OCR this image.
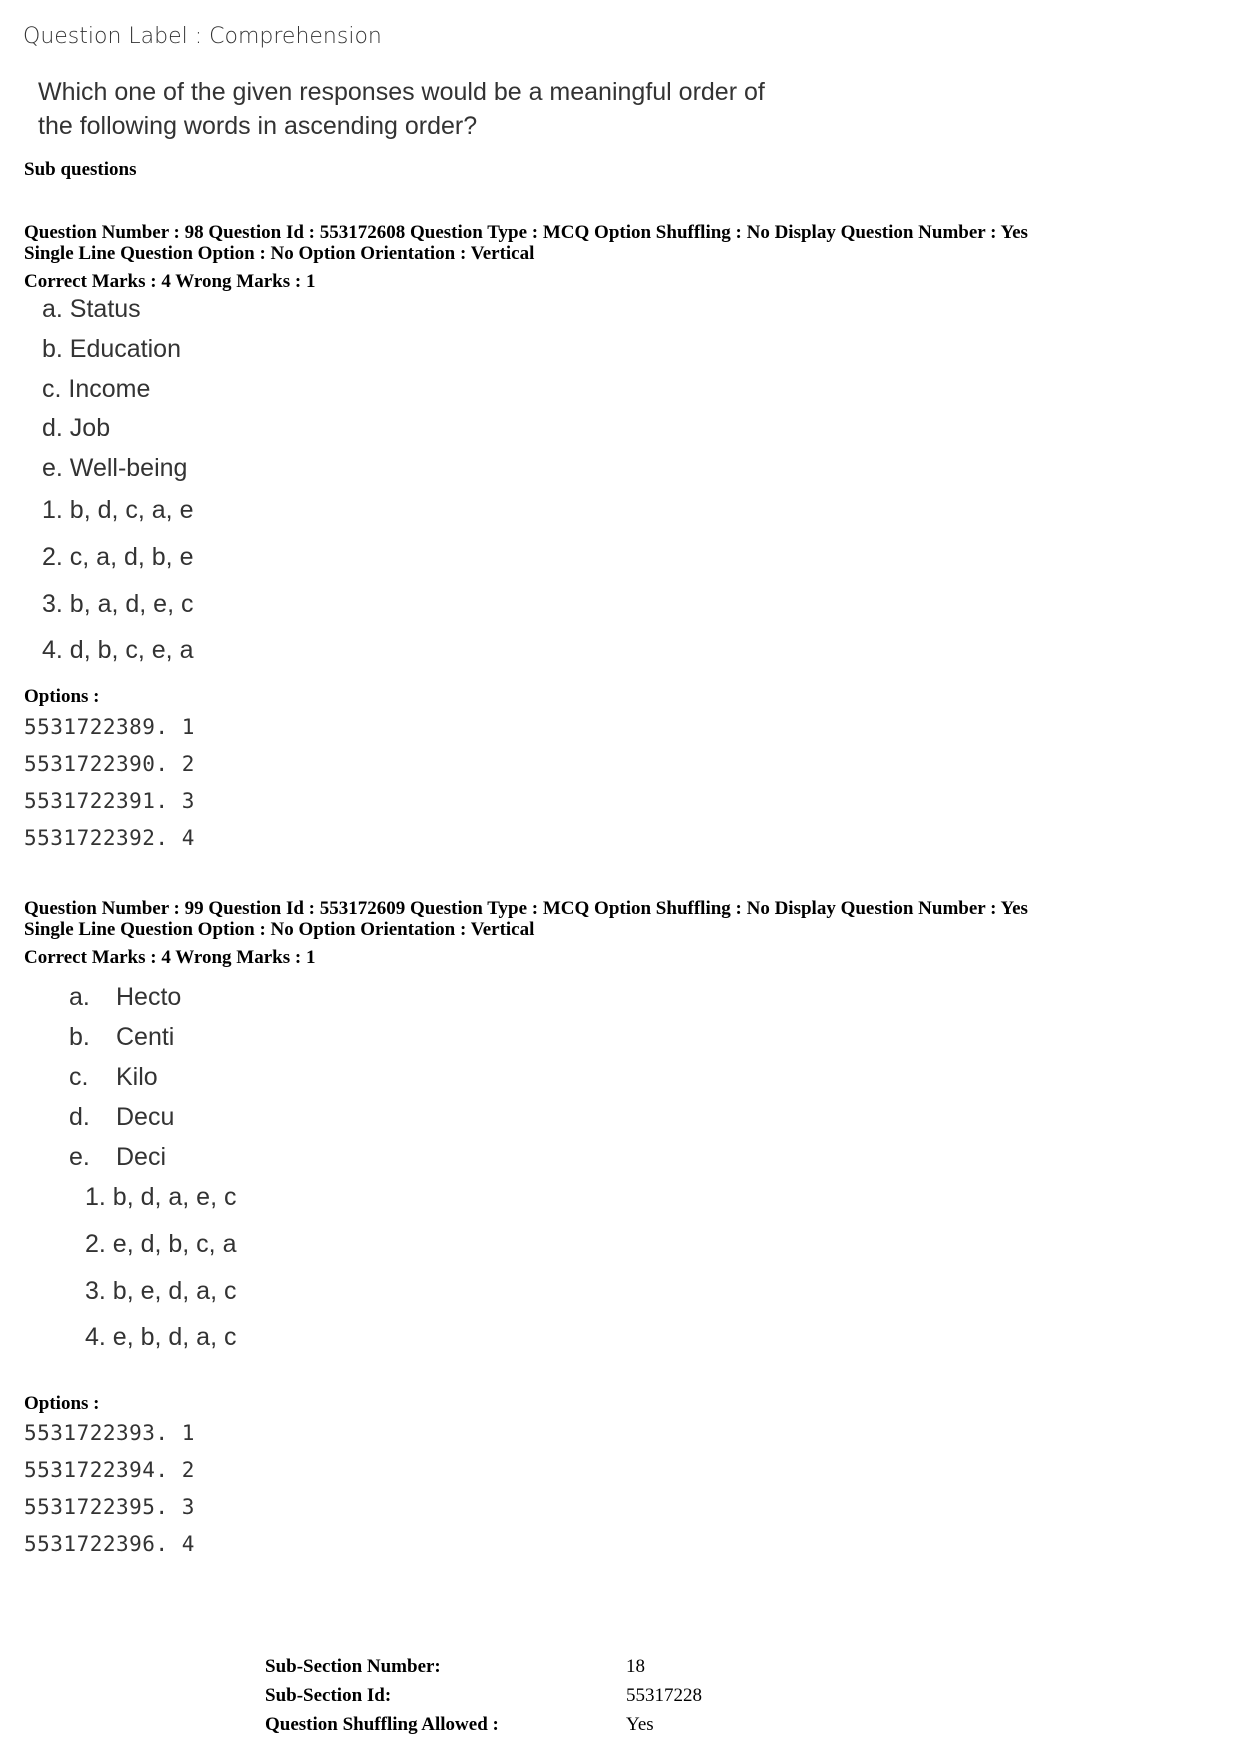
Question Label : Comprehension
Which one of the given responses would be a meaningful order of
the following words in ascending order?
Sub questions
Question Number : 98 Question Id : 553172608 Question Type : MCQ Option Shuffling : No Display Question Number : Yes
Single Line Question Option : No Option Orientation : Vertical
Correct Marks : 4 Wrong Marks : 1
a. Status
b. Education
c. Income
d. Job
e. Well-being
1. b, d, c, a, e
2. c, a, d, b, e
3. b, a, d, e, c
4. d, b, c, e, a
Options :
5531722389. 1
5531722390. 2
5531722391. 3
5531722392. 4
Question Number : 99 Question Id : 553172609 Question Type : MCQ Option Shuffling : No Display Question Number : Yes
Single Line Question Option : No Option Orientation : Vertical
Correct Marks : 4 Wrong Marks : 1
a. Hecto
b. Centi
c. Kilo
d. Decu
e. Deci
1. b, d, a, e, c
2. e, d, b, c, a
3. b, e, d, a, c
4. e, b, d, a, c
Options :
5531722393. 1
5531722394. 2
5531722395. 3
5531722396. 4
Sub-Section Number:	18
Sub-Section Id:	55317228
Question Shuffling Allowed :	Yes
